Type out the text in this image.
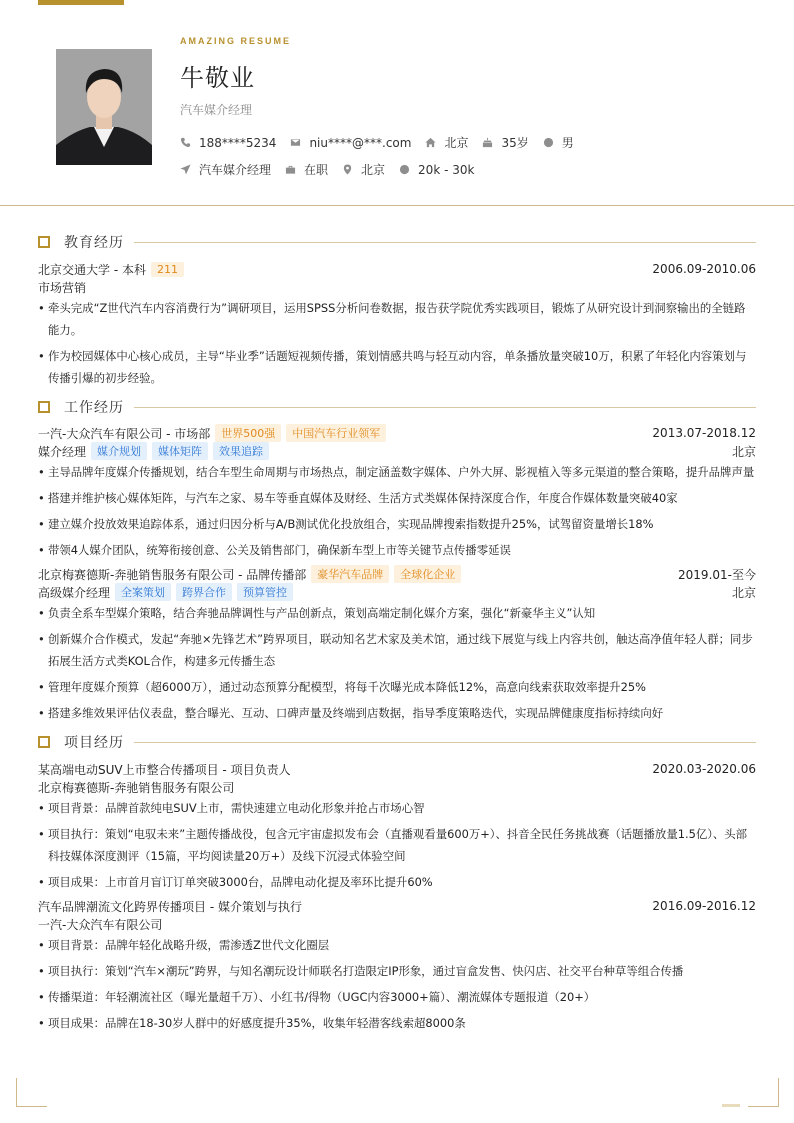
AMAZING RESUME
牛敬业
汽车媒介经理
188****5234	niu****@***.com	北京	35岁	男
汽车媒介经理	在职	北京	20k - 30k
教育经历
北京交通大学 - 本科	211	2006.09-2010.06
市场营销
• 牵头完成“Z世代汽车内容消费行为”调研项目，运用SPSS分析问卷数据，报告获学院优秀实践项目，锻炼了从研究设计到洞察输出的全链路能力。
• 作为校园媒体中心核心成员，主导“毕业季”话题短视频传播，策划情感共鸣与轻互动内容，单条播放量突破10万，积累了年轻化内容策划与传播引爆的初步经验。
工作经历
一汽-大众汽车有限公司 - 市场部	世界500强	中国汽车行业领军	2013.07-2018.12
媒介经理	媒介规划	媒体矩阵	效果追踪	北京
• 主导品牌年度媒介传播规划，结合车型生命周期与市场热点，制定涵盖数字媒体、户外大屏、影视植入等多元渠道的整合策略，提升品牌声量
• 搭建并维护核心媒体矩阵，与汽车之家、易车等垂直媒体及财经、生活方式类媒体保持深度合作，年度合作媒体数量突破40家
• 建立媒介投放效果追踪体系，通过归因分析与A/B测试优化投放组合，实现品牌搜索指数提升25%，试驾留资量增长18%
• 带领4人媒介团队，统筹衔接创意、公关及销售部门，确保新车型上市等关键节点传播零延误
北京梅赛德斯-奔驰销售服务有限公司 - 品牌传播部	豪华汽车品牌	全球化企业	2019.01-至今
高级媒介经理	全案策划	跨界合作	预算管控	北京
• 负责全系车型媒介策略，结合奔驰品牌调性与产品创新点，策划高端定制化媒介方案，强化“新豪华主义”认知
• 创新媒介合作模式，发起“奔驰×先锋艺术”跨界项目，联动知名艺术家及美术馆，通过线下展览与线上内容共创，触达高净值年轻人群；同步拓展生活方式类KOL合作，构建多元传播生态
• 管理年度媒介预算（超6000万），通过动态预算分配模型，将每千次曝光成本降低12%，高意向线索获取效率提升25%
• 搭建多维效果评估仪表盘，整合曝光、互动、口碑声量及终端到店数据，指导季度策略迭代，实现品牌健康度指标持续向好
项目经历
某高端电动SUV上市整合传播项目 - 项目负责人	2020.03-2020.06
北京梅赛德斯-奔驰销售服务有限公司
• 项目背景：品牌首款纯电SUV上市，需快速建立电动化形象并抢占市场心智
• 项目执行：策划“电驭未来”主题传播战役，包含元宇宙虚拟发布会（直播观看量600万+）、抖音全民任务挑战赛（话题播放量1.5亿）、头部科技媒体深度测评（15篇，平均阅读量20万+）及线下沉浸式体验空间
• 项目成果：上市首月盲订订单突破3000台，品牌电动化提及率环比提升60%
汽车品牌潮流文化跨界传播项目 - 媒介策划与执行	2016.09-2016.12
一汽-大众汽车有限公司
• 项目背景：品牌年轻化战略升级，需渗透Z世代文化圈层
• 项目执行：策划“汽车×潮玩”跨界，与知名潮玩设计师联名打造限定IP形象，通过盲盒发售、快闪店、社交平台种草等组合传播
• 传播渠道：年轻潮流社区（曝光量超千万）、小红书/得物（UGC内容3000+篇）、潮流媒体专题报道（20+）
• 项目成果：品牌在18-30岁人群中的好感度提升35%，收集年轻潜客线索超8000条
